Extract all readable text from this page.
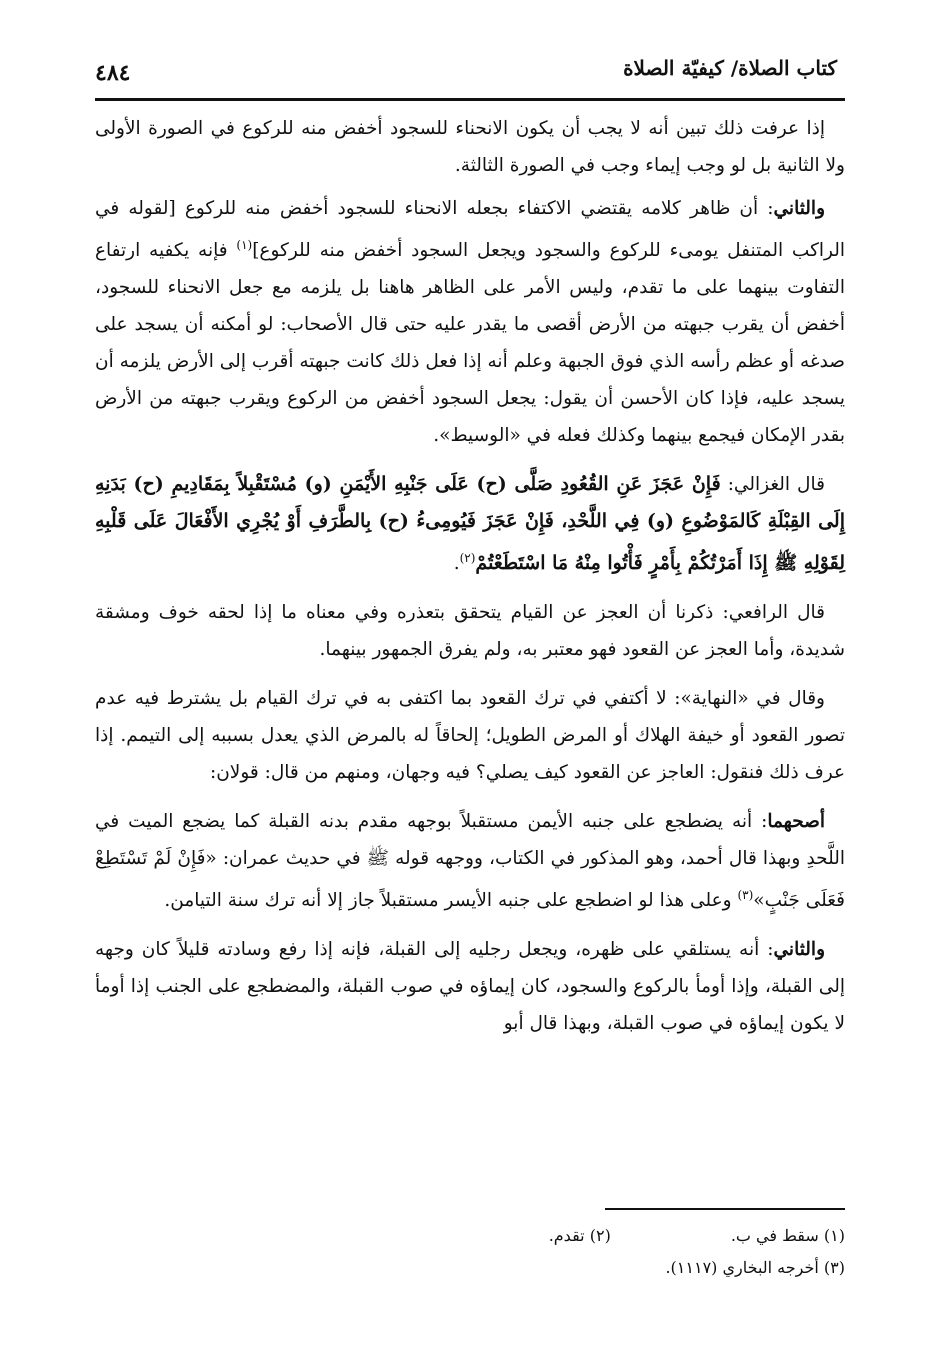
كتاب الصلاة/ كيفيّة الصلاة
٤٨٤

إذا عرفت ذلك تبين أنه لا يجب أن يكون الانحناء للسجود أخفض منه للركوع في الصورة الأولى ولا الثانية بل لو وجب إيماء وجب في الصورة الثالثة.

والثاني: أن ظاهر كلامه يقتضي الاكتفاء بجعله الانحناء للسجود أخفض منه للركوع [لقوله في الراكب المتنفل يومىء للركوع والسجود ويجعل السجود أخفض منه للركوع]$^{(١)}$ فإنه يكفيه ارتفاع التفاوت بينهما على ما تقدم، وليس الأمر على الظاهر هاهنا بل يلزمه مع جعل الانحناء للسجود، أخفض أن يقرب جبهته من الأرض أقصى ما يقدر عليه حتى قال الأصحاب: لو أمكنه أن يسجد على صدغه أو عظم رأسه الذي فوق الجبهة وعلم أنه إذا فعل ذلك كانت جبهته أقرب إلى الأرض يلزمه أن يسجد عليه، فإذا كان الأحسن أن يقول: يجعل السجود أخفض من الركوع ويقرب جبهته من الأرض بقدر الإمكان فيجمع بينهما وكذلك فعله في «الوسيط».

قال الغزالي: فَإِنْ عَجَزَ عَنِ القُعُودِ صَلَّى (ح) عَلَى جَنْبِهِ الأَيْمَنِ (و) مُسْتَقْبِلاً بِمَقَادِيمِ (ح) بَدَنِهِ إِلَى القِبْلَةِ كَالمَوْضُوعِ (و) فِي اللَّحْدِ، فَإِنْ عَجَزَ فَيُومِىءُ (ح) بِالطَّرَفِ أَوْ يُجْرِي الأَفْعَالَ عَلَى قَلْبِهِ لِقَوْلِهِ ﷺ إِذَا أَمَرْتُكُمْ بِأَمْرٍ فَأْتُوا مِنْهُ مَا اسْتَطَعْتُمْ$^{(٢)}$.

قال الرافعي: ذكرنا أن العجز عن القيام يتحقق بتعذره وفي معناه ما إذا لحقه خوف ومشقة شديدة، وأما العجز عن القعود فهو معتبر به، ولم يفرق الجمهور بينهما.

وقال في «النهاية»: لا أكتفي في ترك القعود بما اكتفى به في ترك القيام بل يشترط فيه عدم تصور القعود أو خيفة الهلاك أو المرض الطويل؛ إلحاقاً له بالمرض الذي يعدل بسببه إلى التيمم. إذا عرف ذلك فنقول: العاجز عن القعود كيف يصلي؟ فيه وجهان، ومنهم من قال: قولان:

أصحهما: أنه يضطجع على جنبه الأيمن مستقبلاً بوجهه مقدم بدنه القبلة كما يضجع الميت في اللَّحدِ وبهذا قال أحمد، وهو المذكور في الكتاب، ووجهه قوله ﷺ في حديث عمران: «فَإِنْ لَمْ تَسْتَطِعْ فَعَلَى جَنْبٍ»$^{(٣)}$ وعلى هذا لو اضطجع على جنبه الأيسر مستقبلاً جاز إلا أنه ترك سنة التيامن.

والثاني: أنه يستلقي على ظهره، ويجعل رجليه إلى القبلة، فإنه إذا رفع وسادته قليلاً كان وجهه إلى القبلة، وإذا أومأ بالركوع والسجود، كان إيماؤه في صوب القبلة، والمضطجع على الجنب إذا أومأ لا يكون إيماؤه في صوب القبلة، وبهذا قال أبو

(١) سقط في ب.
(٢) تقدم.
(٣) أخرجه البخاري (١١١٧).
